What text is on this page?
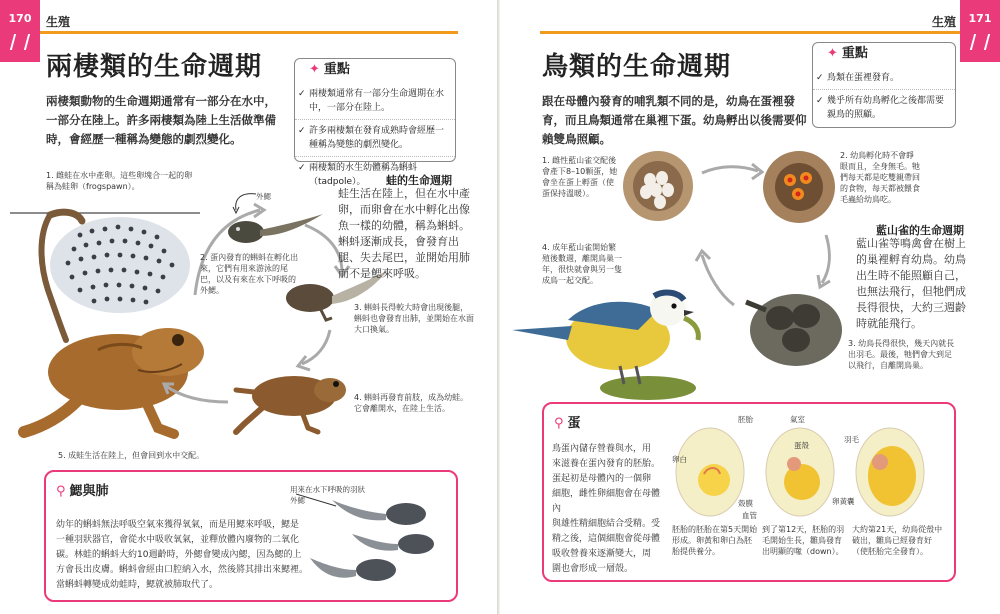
170	生殖
兩棲類的生命週期
兩棲類動物的生命週期通常有一部分在水中，
一部分在陸上。許多兩棲類為陸上生活做準備
時，會經歷一種稱為變態的劇烈變化。
✦ 重點
✓ 兩棲類通常有一部分生命週期在水中，一部分在陸上。
✓ 許多兩棲類在發育成熟時會經歷一種稱為變態的劇烈變化。
✓ 兩棲類的水生幼體稱為蝌蚪（tadpole）。
外鰓
1. 雌蛙在水中產卵。這些卵塊合一起的卵稱為蛙卵（frogspawn）。
2. 蛋內發育的蝌蚪在孵化出來，它們有用來游泳的尾巴，以及有來在水下呼吸的外鰓。
3. 蝌蚪長得較大時會出現後腿，蝌蚪也會發育出肺，並開始在水面大口換氣。
4. 蝌蚪再發育前肢，成為幼蛙。它會離開水，在陸上生活。
5. 成蛙生活在陸上，但會回到水中交配。
蛙的生命週期
蛙生活在陸上，但在水中產
卵，而卵會在水中孵化出像
魚一樣的幼體，稱為蝌蚪。
蝌蚪逐漸成長，會發育出
腿、失去尾巴，並開始用肺
而不是鰓來呼吸。
⚲ 鰓與肺
幼年的蝌蚪無法呼吸空氣來獲得氧氣，而是用鰓來呼吸，鰓是
一種羽狀器官，會從水中吸收氧氣，並釋放體內廢物的二氧化
碳。林蛙的蝌蚪大約10週齡時，外鰓會變成內鰓，因為鰓的上
方會長出皮膚。蝌蚪會經由口腔納入水，然後將其排出來鰓裡。
當蝌蚪轉變成幼蛙時，鰓就被肺取代了。
用來在水下呼吸的羽狀外鰓
171
生殖
鳥類的生命週期
跟在母體內發育的哺乳類不同的是，幼鳥在蛋裡發
育，而且鳥類通常在巢裡下蛋。幼鳥孵出以後需要仰
賴雙鳥照顧。
✦ 重點
✓ 鳥類在蛋裡發育。
✓ 幾乎所有幼鳥孵化之後都需要親鳥的照顧。
1. 雌性藍山雀交配後會產下8–10顆蛋，她會坐在蛋上孵蛋（使蛋保持溫暖）。
2. 幼鳥孵化時不會睜眼而且，全身無毛。牠們每天都是吃雙親帶回的食物，每天都被餵食毛蟲給幼鳥吃。
3. 幼鳥長得很快，幾天內就長出羽毛。最後，牠們會大到足以飛行，自離開鳥巢。
4. 成年藍山雀開始繁殖後數週，離開鳥巢一年，很快就會與另一隻成鳥一起交配。
藍山雀的生命週期
藍山雀等鳴禽會在樹上
的巢裡孵育幼鳥。幼鳥
出生時不能照顧自己，
也無法飛行，但牠們成
長得很快，大約三週齡
時就能飛行。
⚲ 蛋
鳥蛋內儲存營養與水，用
來滋養在蛋內發育的胚胎。
蛋起初是母體內的一個卵
細胞，雌性卵細胞會在母體內
與雄性精細胞結合受精。受
精之後，這個細胞會從母體
吸收營養來逐漸變大，周
圍也會形成一層殼。
胚胎	氣室
殼膜
血管
卵黃囊
卵白
羽毛
蛋殼
胚胎的胚胎在第5天開始形成。卵黃和卵白為胚胎提供養分。
到了第12天，胚胎的羽毛開始生長，雛鳥發育出明顯的喙（down）。
大約第21天，幼鳥從殼中破出，雛鳥已經發育好（使胚胎完全發育）。
